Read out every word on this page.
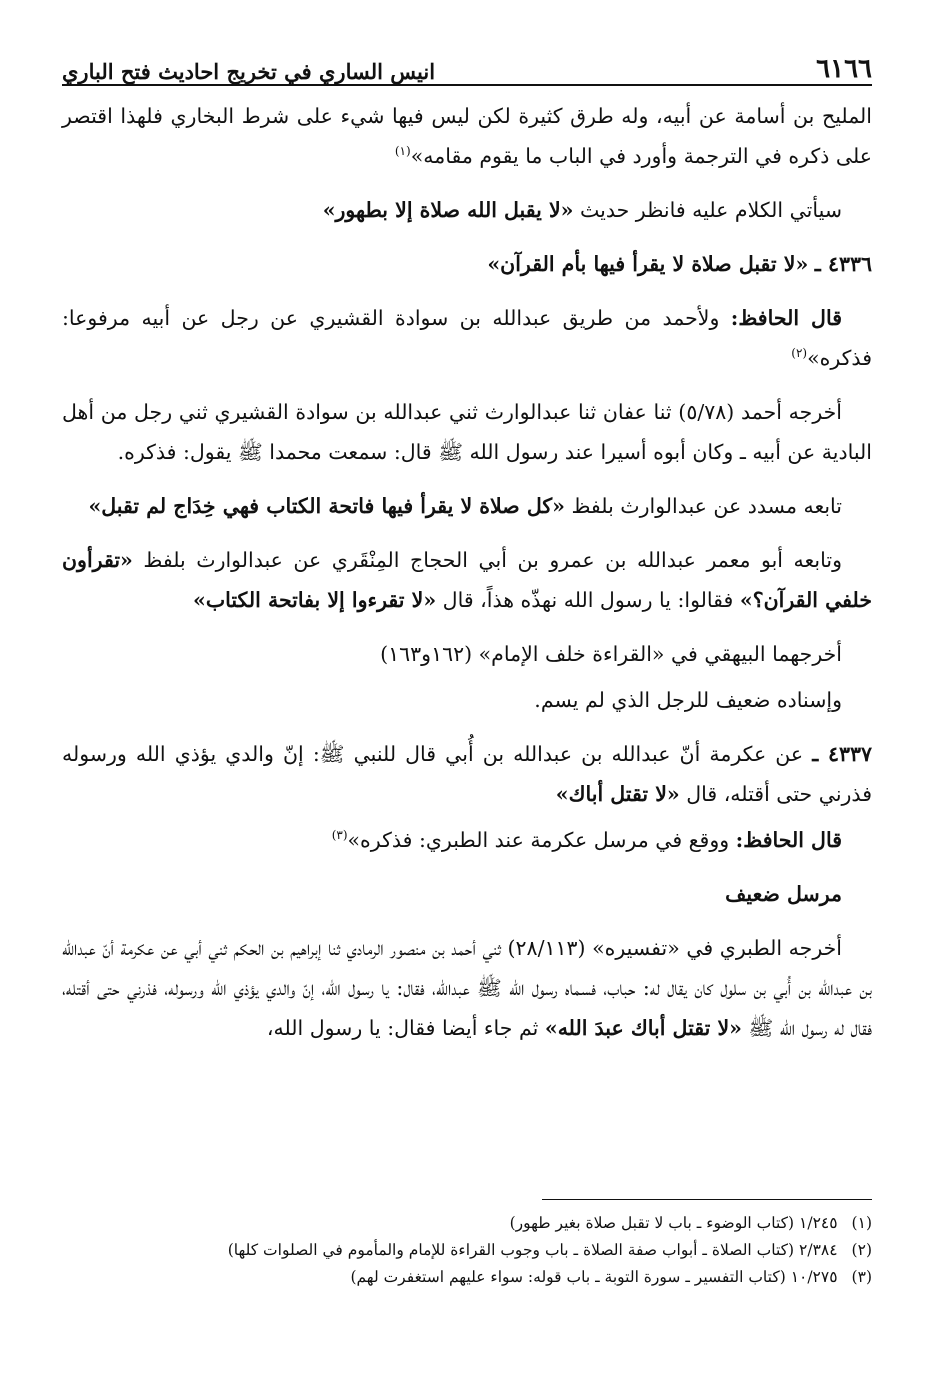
٦١٦٦
انيس الساري في تخريج احاديث فتح الباري

المليح بن أسامة عن أبيه، وله طرق كثيرة لكن ليس فيها شيء على شرط البخاري فلهذا اقتصر على ذكره في الترجمة وأورد في الباب ما يقوم مقامه»$^{(١)}$

سيأتي الكلام عليه فانظر حديث «لا يقبل الله صلاة إلا بطهور»

٤٣٣٦ ـ «لا تقبل صلاة لا يقرأ فيها بأم القرآن»

قال الحافظ: ولأحمد من طريق عبدالله بن سوادة القشيري عن رجل عن أبيه مرفوعا: فذكره»$^{(٢)}$

أخرجه أحمد (٥/٧٨) ثنا عفان ثنا عبدالوارث ثني عبدالله بن سوادة القشيري ثني رجل من أهل البادية عن أبيه ـ وكان أبوه أسيرا عند رسول الله ﷺ قال: سمعت محمدا ﷺ يقول: فذكره.

تابعه مسدد عن عبدالوارث بلفظ «كل صلاة لا يقرأ فيها فاتحة الكتاب فهي خِدَاج لم تقبل»

وتابعه أبو معمر عبدالله بن عمرو بن أبي الحجاج المِنْقَري عن عبدالوارث بلفظ «تقرأون خلفي القرآن؟» فقالوا: يا رسول الله نهذّه هذاً، قال «لا تقرءوا إلا بفاتحة الكتاب»

أخرجهما البيهقي في «القراءة خلف الإمام» (١٦٢و١٦٣)

وإسناده ضعيف للرجل الذي لم يسم.

٤٣٣٧ ـ عن عكرمة أنّ عبدالله بن عبدالله بن أُبي قال للنبي ﷺ: إنّ والدي يؤذي الله ورسوله فذرني حتى أقتله، قال «لا تقتل أباك»

قال الحافظ: ووقع في مرسل عكرمة عند الطبري: فذكره»$^{(٣)}$

مرسل ضعيف

أخرجه الطبري في «تفسيره» (٢٨/١١٣) ثني أحمد بن منصور الرمادي ثنا إبراهيم بن الحكم ثني أبي عن عكرمة أنّ عبدالله بن عبدالله بن أُبي بن سلول كان يقال له: حباب، فسماه رسول الله ﷺ عبدالله، فقال: يا رسول الله، إنّ والدي يؤذي الله ورسوله، فذرني حتى أقتله، فقال له رسول الله ﷺ «لا تقتل أباك عبدَ الله» ثم جاء أيضا فقال: يا رسول الله،

(١)
١/٢٤٥ (كتاب الوضوء ـ باب لا تقبل صلاة بغير طهور)
(٢)
٢/٣٨٤ (كتاب الصلاة ـ أبواب صفة الصلاة ـ باب وجوب القراءة للإمام والمأموم في الصلوات كلها)
(٣)
١٠/٢٧٥ (كتاب التفسير ـ سورة التوبة ـ باب قوله: سواء عليهم استغفرت لهم)
